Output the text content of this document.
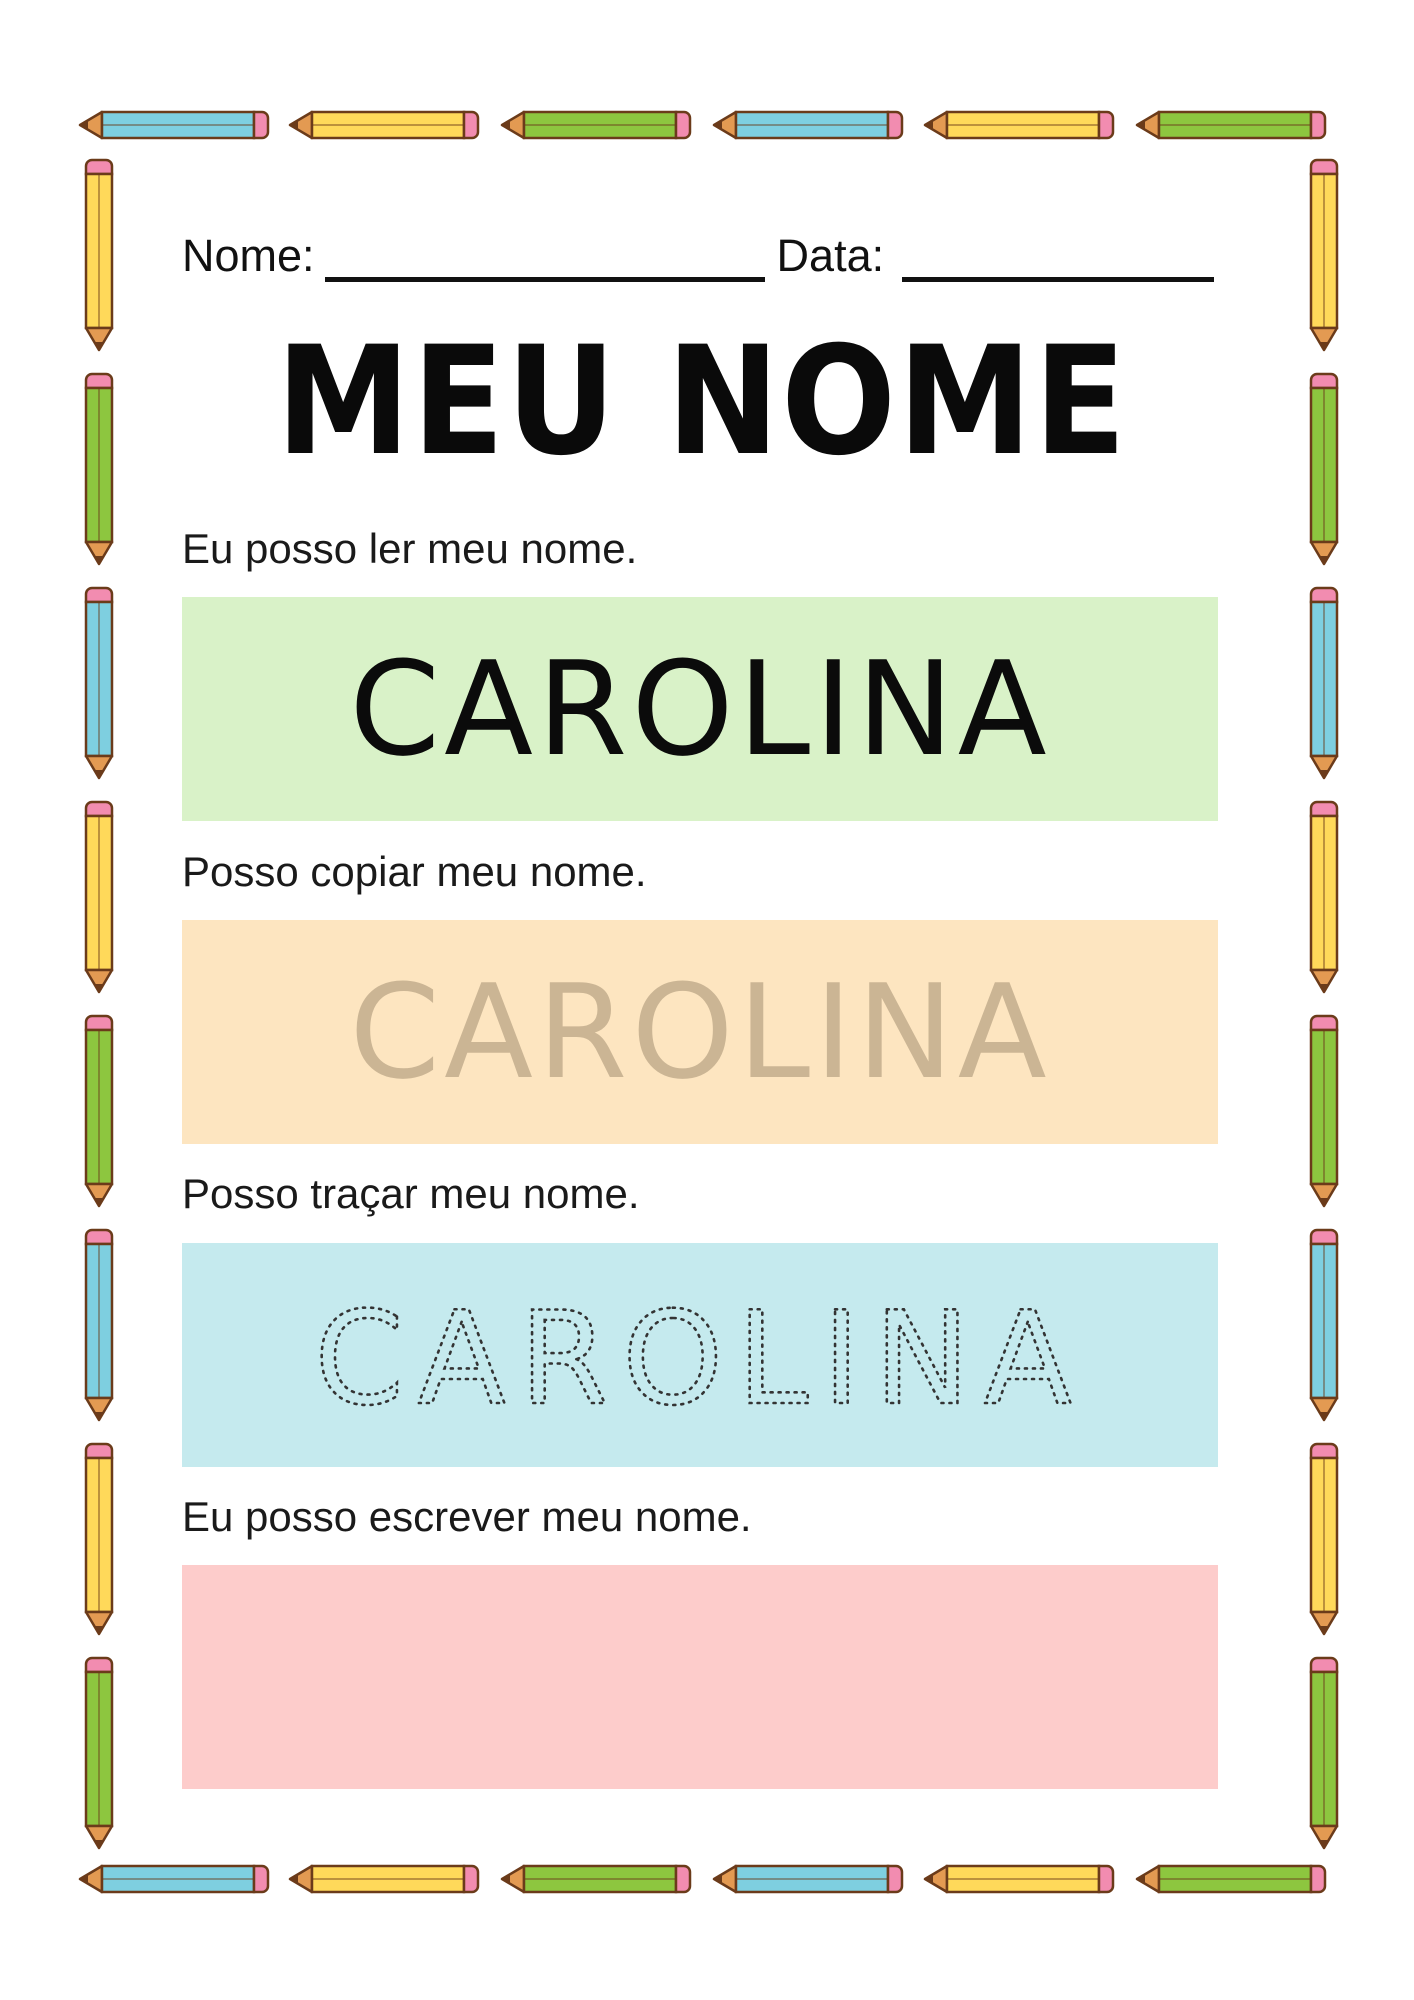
Nome:	Data:
MEU NOME
Eu posso ler meu nome.
CAROLINA
Posso copiar meu nome.
CAROLINA
Posso traçar meu nome.
CAROLINA
Eu posso escrever meu nome.
